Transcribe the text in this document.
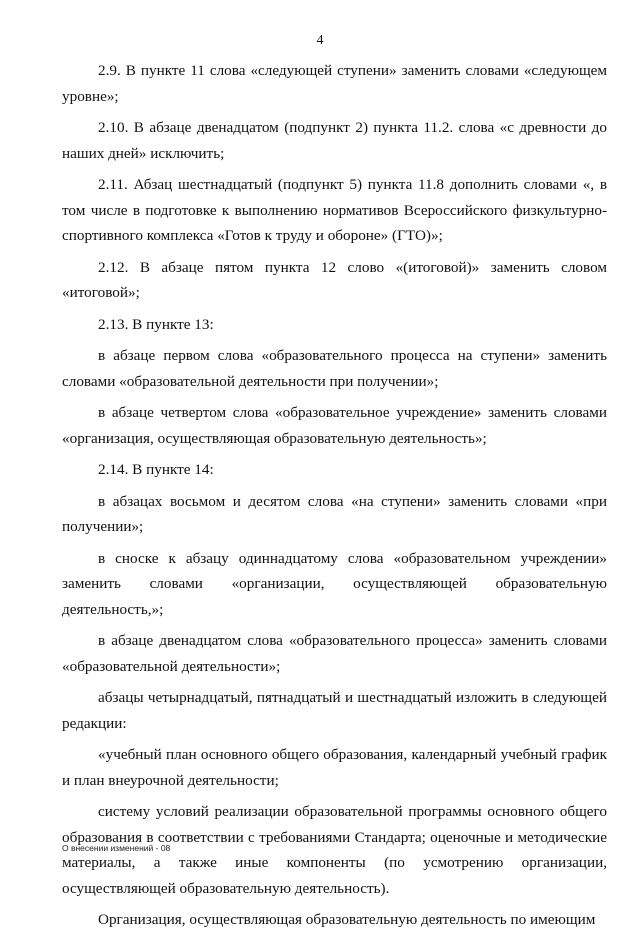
4

2.9. В пункте 11 слова «следующей ступени» заменить словами «следующем уровне»;

2.10. В абзаце двенадцатом (подпункт 2) пункта 11.2. слова «с древности до наших дней» исключить;

2.11. Абзац шестнадцатый (подпункт 5) пункта 11.8 дополнить словами «, в том числе в подготовке к выполнению нормативов Всероссийского физкультурно-спортивного комплекса «Готов к труду и обороне» (ГТО)»;

2.12. В абзаце пятом пункта 12 слово «(итоговой)» заменить словом «итоговой»;

2.13. В пункте 13:

в абзаце первом слова «образовательного процесса на ступени» заменить словами «образовательной деятельности при получении»;

в абзаце четвертом слова «образовательное учреждение» заменить словами «организация, осуществляющая образовательную деятельность»;

2.14. В пункте 14:

в абзацах восьмом и десятом слова «на ступени» заменить словами «при получении»;

в сноске к абзацу одиннадцатому слова «образовательном учреждении» заменить словами «организации, осуществляющей образовательную деятельность,»;

в абзаце двенадцатом слова «образовательного процесса» заменить словами «образовательной деятельности»;

абзацы четырнадцатый, пятнадцатый и шестнадцатый изложить в следующей редакции:

«учебный план основного общего образования, календарный учебный график и план внеурочной деятельности;

систему условий реализации образовательной программы основного общего образования в соответствии с требованиями Стандарта; оценочные и методические материалы, а также иные компоненты (по усмотрению организации, осуществляющей образовательную деятельность).

Организация, осуществляющая образовательную деятельность по имеющим

О внесении изменений - 08
